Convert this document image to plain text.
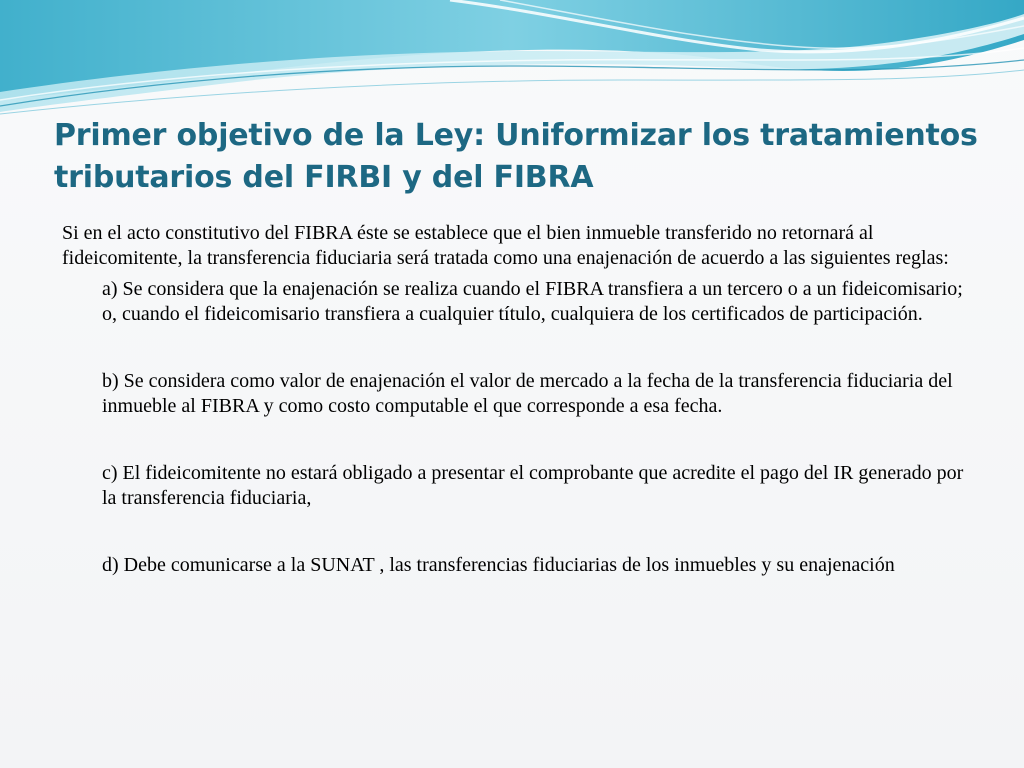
Primer objetivo de la Ley: Uniformizar los tratamientos tributarios del FIRBI y del FIBRA

Si en el acto constitutivo del FIBRA éste se establece que el bien inmueble transferido no retornará al fideicomitente, la transferencia fiduciaria será tratada como una enajenación de acuerdo a las siguientes reglas:

a) Se considera que la enajenación se realiza cuando el FIBRA transfiera a un tercero o a un fideicomisario; o, cuando el fideicomisario transfiera a cualquier título, cualquiera de los certificados de participación.

b) Se considera como valor de enajenación el valor de mercado a la fecha de la transferencia fiduciaria del inmueble al FIBRA y como costo computable el que corresponde a esa fecha.

c) El fideicomitente no estará obligado a presentar el comprobante que acredite el pago del IR generado por la transferencia fiduciaria,

d) Debe comunicarse a la SUNAT , las transferencias fiduciarias de los inmuebles y su enajenación
